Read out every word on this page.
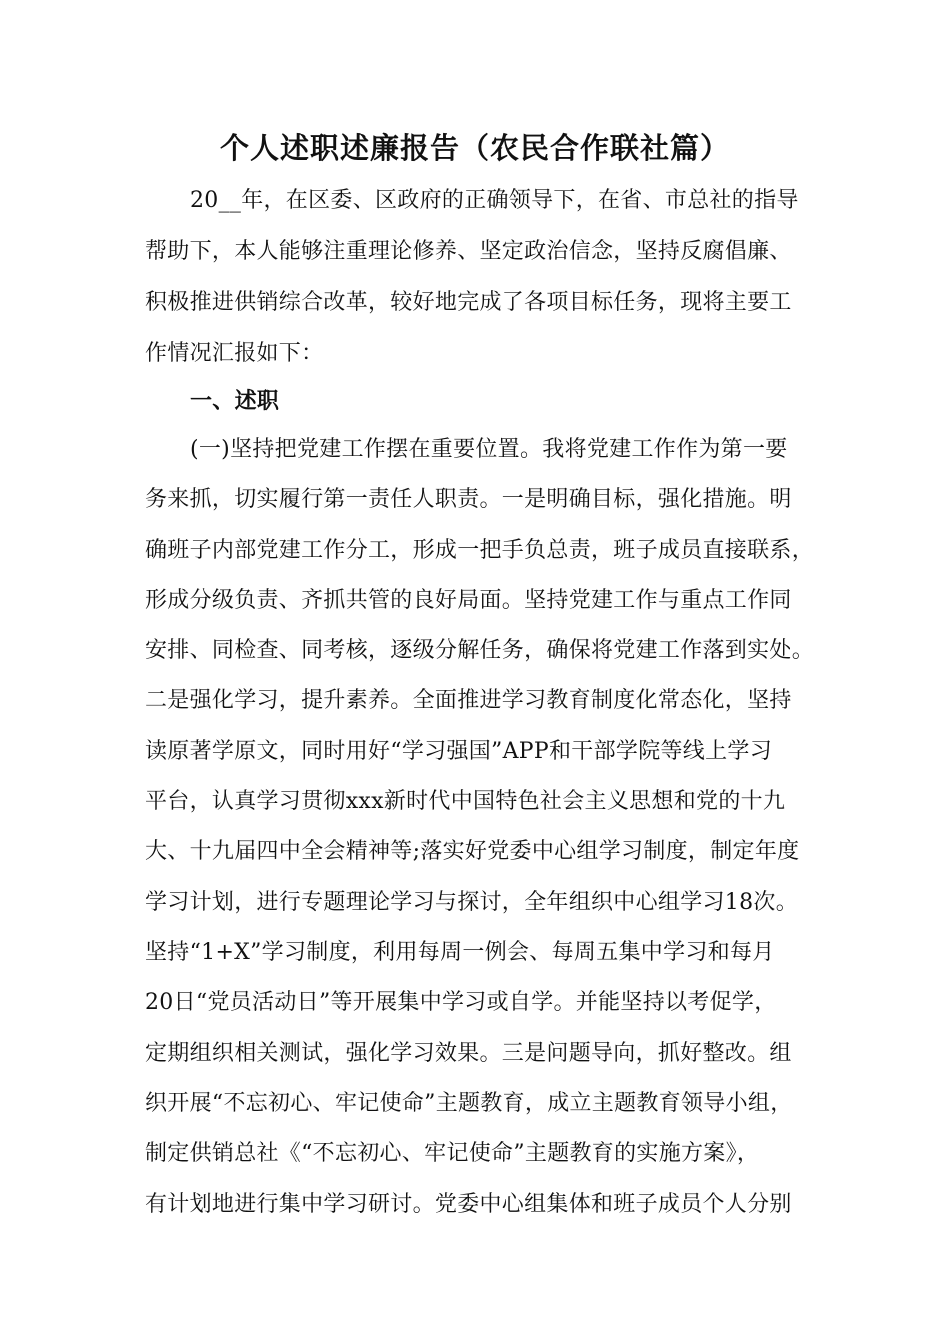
个人述职述廉报告（农民合作联社篇）
20__年，在区委、区政府的正确领导下，在省、市总社的指导
帮助下，本人能够注重理论修养、坚定政治信念，坚持反腐倡廉、
积极推进供销综合改革，较好地完成了各项目标任务，现将主要工
作情况汇报如下：
一、述职
(一)坚持把党建工作摆在重要位置。我将党建工作作为第一要
务来抓，切实履行第一责任人职责。一是明确目标，强化措施。明
确班子内部党建工作分工，形成一把手负总责，班子成员直接联系，
形成分级负责、齐抓共管的良好局面。坚持党建工作与重点工作同
安排、同检查、同考核，逐级分解任务，确保将党建工作落到实处。
二是强化学习，提升素养。全面推进学习教育制度化常态化，坚持
读原著学原文，同时用好“学习强国”APP和干部学院等线上学习
平台，认真学习贯彻xxx新时代中国特色社会主义思想和党的十九
大、十九届四中全会精神等;落实好党委中心组学习制度，制定年度
学习计划，进行专题理论学习与探讨，全年组织中心组学习18次。
坚持“1+X”学习制度，利用每周一例会、每周五集中学习和每月
20日“党员活动日”等开展集中学习或自学。并能坚持以考促学，
定期组织相关测试，强化学习效果。三是问题导向，抓好整改。组
织开展“不忘初心、牢记使命”主题教育，成立主题教育领导小组，
制定供销总社《“不忘初心、牢记使命”主题教育的实施方案》，
有计划地进行集中学习研讨。党委中心组集体和班子成员个人分别
